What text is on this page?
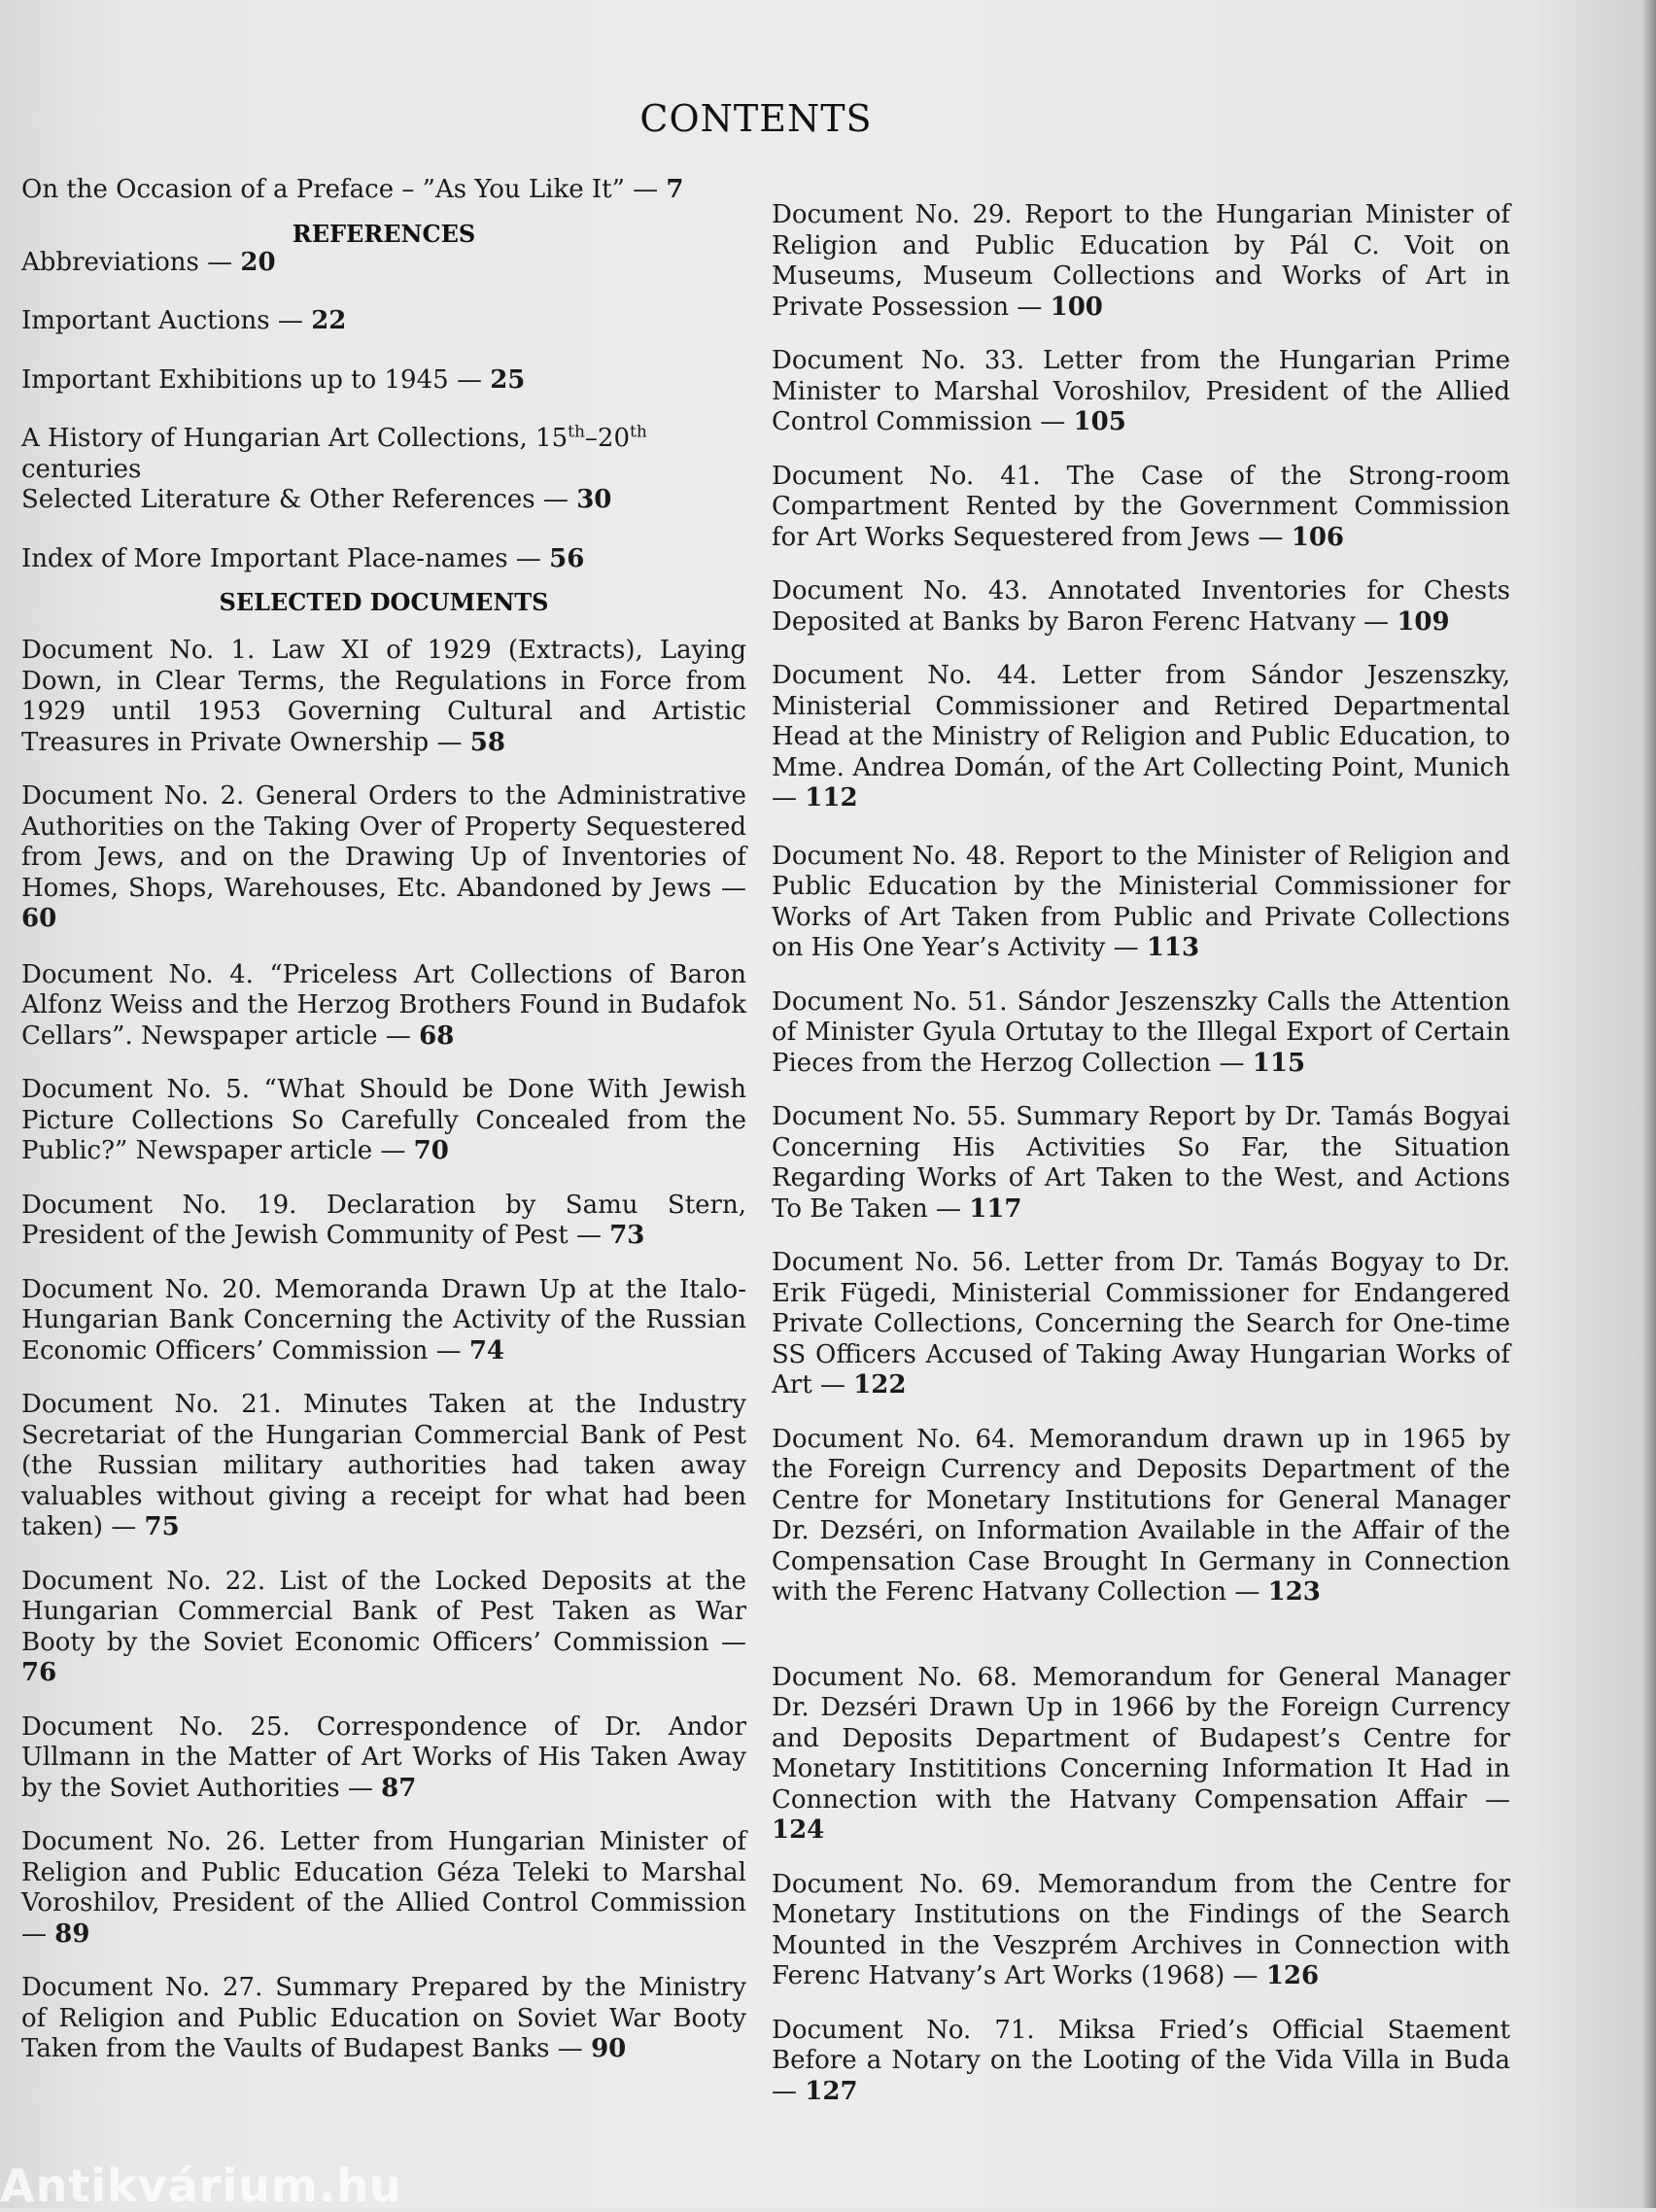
CONTENTS
On the Occasion of a Preface – ”As You Like It” — 7
REFERENCES
Abbreviations — 20
Important Auctions — 22
Important Exhibitions up to 1945 — 25
A History of Hungarian Art Collections, 15th–20th centuries
Selected Literature & Other References — 30
Index of More Important Place-names — 56
SELECTED DOCUMENTS
Document No. 1. Law XI of 1929 (Extracts), Laying Down, in Clear Terms, the Regulations in Force from 1929 until 1953 Governing Cultural and Artistic Treasures in Private Ownership — 58
Document No. 2. General Orders to the Administrative Authorities on the Taking Over of Property Sequestered from Jews, and on the Drawing Up of Inventories of Homes, Shops, Warehouses, Etc. Abandoned by Jews — 60
Document No. 4. “Priceless Art Collections of Baron Alfonz Weiss and the Herzog Brothers Found in Budafok Cellars”. Newspaper article — 68
Document No. 5. “What Should be Done With Jewish Picture Collections So Carefully Concealed from the Public?” Newspaper article — 70
Document No. 19. Declaration by Samu Stern, President of the Jewish Community of Pest — 73
Document No. 20. Memoranda Drawn Up at the Italo-Hungarian Bank Concerning the Activity of the Russian Economic Officers’ Commission — 74
Document No. 21. Minutes Taken at the Industry Secretariat of the Hungarian Commercial Bank of Pest (the Russian military authorities had taken away valuables without giving a receipt for what had been taken) — 75
Document No. 22. List of the Locked Deposits at the Hungarian Commercial Bank of Pest Taken as War Booty by the Soviet Economic Officers’ Commission — 76
Document No. 25. Correspondence of Dr. Andor Ullmann in the Matter of Art Works of His Taken Away by the Soviet Authorities — 87
Document No. 26. Letter from Hungarian Minister of Religion and Public Education Géza Teleki to Marshal Voroshilov, President of the Allied Control Commission — 89
Document No. 27. Summary Prepared by the Ministry of Religion and Public Education on Soviet War Booty Taken from the Vaults of Budapest Banks — 90
Document No. 29. Report to the Hungarian Minister of Religion and Public Education by Pál C. Voit on Museums, Museum Collections and Works of Art in Private Possession — 100
Document No. 33. Letter from the Hungarian Prime Minister to Marshal Voroshilov, President of the Allied Control Commission — 105
Document No. 41. The Case of the Strong-room Compartment Rented by the Government Commission for Art Works Sequestered from Jews — 106
Document No. 43. Annotated Inventories for Chests Deposited at Banks by Baron Ferenc Hatvany — 109
Document No. 44. Letter from Sándor Jeszenszky, Ministerial Commissioner and Retired Departmental Head at the Ministry of Religion and Public Education, to Mme. Andrea Domán, of the Art Collecting Point, Munich — 112
Document No. 48. Report to the Minister of Religion and Public Education by the Ministerial Commissioner for Works of Art Taken from Public and Private Collections on His One Year’s Activity — 113
Document No. 51. Sándor Jeszenszky Calls the Attention of Minister Gyula Ortutay to the Illegal Export of Certain Pieces from the Herzog Collection — 115
Document No. 55. Summary Report by Dr. Tamás Bogyai Concerning His Activities So Far, the Situation Regarding Works of Art Taken to the West, and Actions To Be Taken — 117
Document No. 56. Letter from Dr. Tamás Bogyay to Dr. Erik Fügedi, Ministerial Commissioner for Endangered Private Collections, Concerning the Search for One-time SS Officers Accused of Taking Away Hungarian Works of Art — 122
Document No. 64. Memorandum drawn up in 1965 by the Foreign Currency and Deposits Department of the Centre for Monetary Institutions for General Manager Dr. Dezséri, on Information Available in the Affair of the Compensation Case Brought In Germany in Connection with the Ferenc Hatvany Collection — 123
Document No. 68. Memorandum for General Manager Dr. Dezséri Drawn Up in 1966 by the Foreign Currency and Deposits Department of Budapest’s Centre for Monetary Instititions Concerning Information It Had in Connection with the Hatvany Compensation Affair — 124
Document No. 69. Memorandum from the Centre for Monetary Institutions on the Findings of the Search Mounted in the Veszprém Archives in Connection with Ferenc Hatvany’s Art Works (1968) — 126
Document No. 71. Miksa Fried’s Official Staement Before a Notary on the Looting of the Vida Villa in Buda — 127
Antikvárium.hu
